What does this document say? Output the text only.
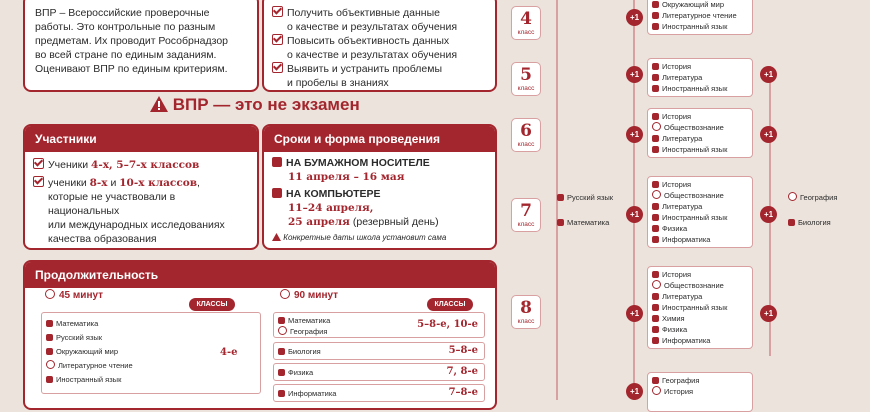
ВПР – Всероссийские проверочные
работы. Это контрольные по разным
предметам. Их проводит Рособрнадзор
во всей стране по единым заданиям.
Оценивают ВПР по единым критериям.
Получить объективные данные
о качестве и результатах обучения
Повысить объективность данных
о качестве и результатах обучения
Выявить и устранить проблемы
и пробелы в знаниях
ВПР — это не экзамен
Участники
Ученики 4-х, 5–7-х классов
ученики 8-х и 10-х классов,
которые не участвовали в национальных
или международных исследованиях
качества образования
Сроки и форма проведения
НА БУМАЖНОМ НОСИТЕЛЕ
11 апреля – 16 мая
НА КОМПЬЮТЕРЕ
11–24 апреля,
25 апреля (резервный день)
Конкретные даты школа установит сама
Продолжительность
45 минут
КЛАССЫ
Математика
Русский язык
Окружающий мир
Литературное чтение
Иностранный язык
4-е
90 минут
КЛАССЫ
Математика
География
5–8-е, 10-е
Биология	5–8-е
Физика	7, 8-е
Информатика	7–8-е
4
класс
+1
Окружающий мир
Литературное чтение
Иностранный язык
5
класс
+1
История
Литература
Иностранный язык
+1
6
класс
+1
История
Обществознание
Литература
Иностранный язык
+1
7
класс
Русский язык
Математика
+1
История
Обществознание
Литература
Иностранный язык
Физика
Информатика
+1
География
Биология
8
класс
+1
История
Обществознание
Литература
Иностранный язык
Химия
Физика
Информатика
+1
+1
География
История
